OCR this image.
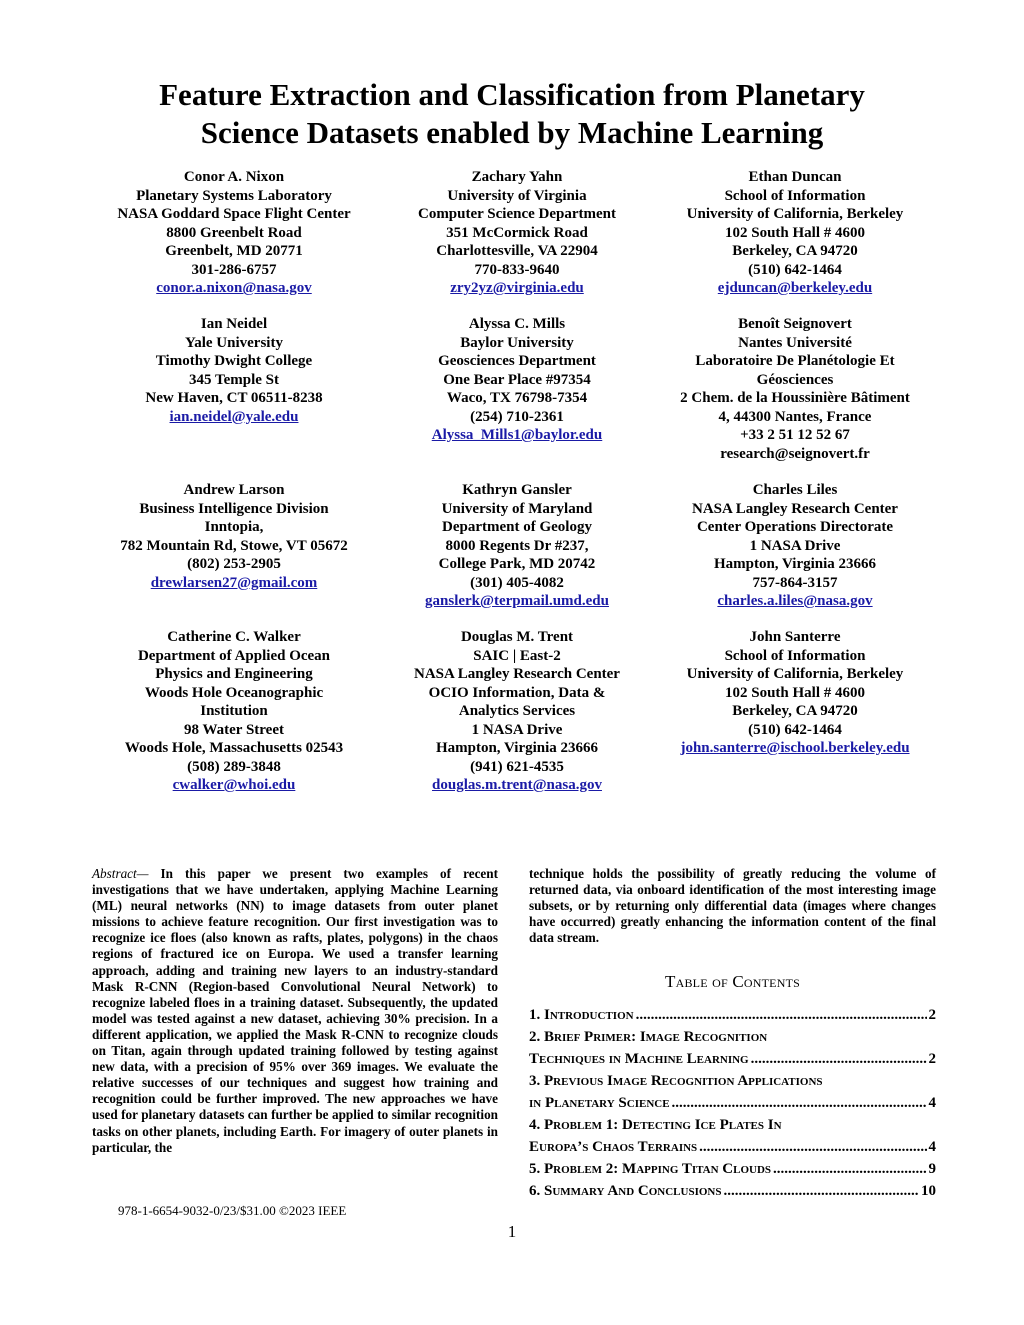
Feature Extraction and Classification from Planetary
Science Datasets enabled by Machine Learning
Conor A. Nixon
Planetary Systems Laboratory
NASA Goddard Space Flight Center
8800 Greenbelt Road
Greenbelt, MD 20771
301-286-6757
conor.a.nixon@nasa.gov
Zachary Yahn
University of Virginia
Computer Science Department
351 McCormick Road
Charlottesville, VA 22904
770-833-9640
zry2yz@virginia.edu
Ethan Duncan
School of Information
University of California, Berkeley
102 South Hall # 4600
Berkeley, CA 94720
(510) 642-1464
ejduncan@berkeley.edu
Ian Neidel
Yale University
Timothy Dwight College
345 Temple St
New Haven, CT 06511-8238
ian.neidel@yale.edu
Alyssa C. Mills
Baylor University
Geosciences Department
One Bear Place #97354
Waco, TX 76798-7354
(254) 710-2361
Alyssa_Mills1@baylor.edu
Benoît Seignovert
Nantes Université
Laboratoire De Planétologie Et
Géosciences
2 Chem. de la Houssinière Bâtiment
4, 44300 Nantes, France
+33 2 51 12 52 67
research@seignovert.fr
Andrew Larson
Business Intelligence Division
Inntopia,
782 Mountain Rd, Stowe, VT 05672
(802) 253-2905
drewlarsen27@gmail.com
Kathryn Gansler
University of Maryland
Department of Geology
8000 Regents Dr #237,
College Park, MD 20742
(301) 405-4082
ganslerk@terpmail.umd.edu
Charles Liles
NASA Langley Research Center
Center Operations Directorate
1 NASA Drive
Hampton, Virginia 23666
757-864-3157
charles.a.liles@nasa.gov
Catherine C. Walker
Department of Applied Ocean
Physics and Engineering
Woods Hole Oceanographic
Institution
98 Water Street
Woods Hole, Massachusetts 02543
(508) 289-3848
cwalker@whoi.edu
Douglas M. Trent
SAIC | East-2
NASA Langley Research Center
OCIO Information, Data &
Analytics Services
1 NASA Drive
Hampton, Virginia 23666
(941) 621-4535
douglas.m.trent@nasa.gov
John Santerre
School of Information
University of California, Berkeley
102 South Hall # 4600
Berkeley, CA 94720
(510) 642-1464
john.santerre@ischool.berkeley.edu
Abstract— In this paper we present two examples of recent investigations that we have undertaken, applying Machine Learning (ML) neural networks (NN) to image datasets from outer planet missions to achieve feature recognition. Our first investigation was to recognize ice floes (also known as rafts, plates, polygons) in the chaos regions of fractured ice on Europa. We used a transfer learning approach, adding and training new layers to an industry-standard Mask R-CNN (Region-based Convolutional Neural Network) to recognize labeled floes in a training dataset. Subsequently, the updated model was tested against a new dataset, achieving 30% precision. In a different application, we applied the Mask R-CNN to recognize clouds on Titan, again through updated training followed by testing against new data, with a precision of 95% over 369 images. We evaluate the relative successes of our techniques and suggest how training and recognition could be further improved. The new approaches we have used for planetary datasets can further be applied to similar recognition tasks on other planets, including Earth. For imagery of outer planets in particular, the
technique holds the possibility of greatly reducing the volume of returned data, via onboard identification of the most interesting image subsets, or by returning only differential data (images where changes have occurred) greatly enhancing the information content of the final data stream.
Table of Contents
1. Introduction .....	2
2. Brief Primer: Image Recognition
Techniques in Machine Learning .....	2
3. Previous Image Recognition Applications
in Planetary Science .....	4
4. Problem 1: Detecting Ice Plates In
Europa’s Chaos Terrains .....	4
5. Problem 2: Mapping Titan Clouds .....	9
6. Summary And Conclusions .....	10
978-1-6654-9032-0/23/$31.00 ©2023 IEEE
1
